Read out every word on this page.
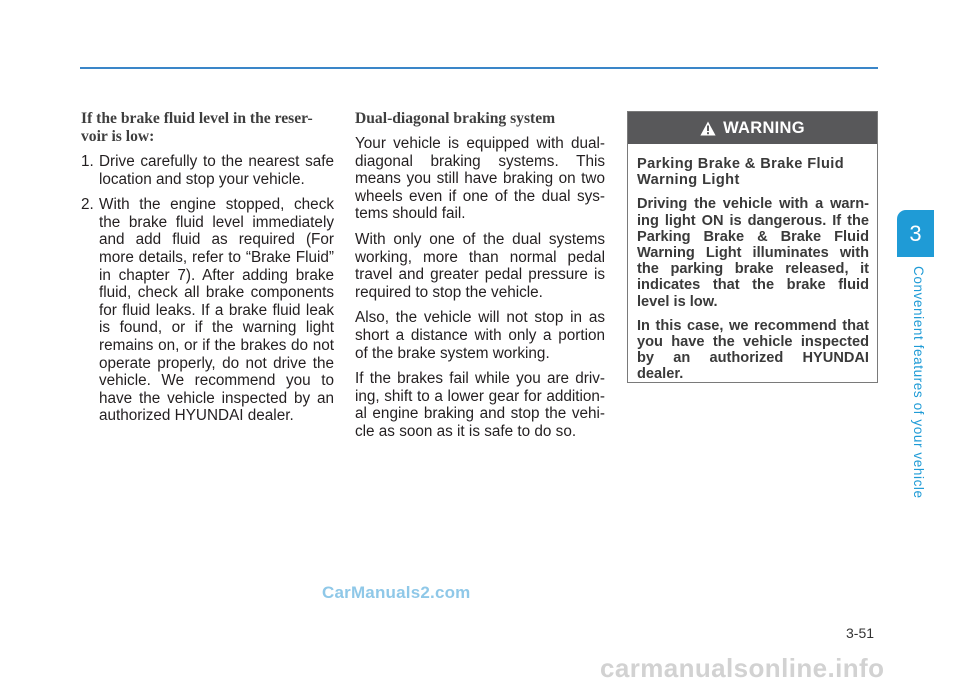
If the brake fluid level in the reser-voir is low:
1. Drive carefully to the nearest safe location and stop your vehicle.
2. With the engine stopped, check the brake fluid level immediately and add fluid as required (For more details, refer to “Brake Fluid” in chapter 7). After adding brake fluid, check all brake components for fluid leaks. If a brake fluid leak is found, or if the warning light remains on, or if the brakes do not operate properly, do not drive the vehicle. We recommend you to have the vehicle inspected by an authorized HYUNDAI dealer.
Dual-diagonal braking system

Your vehicle is equipped with dual-diagonal braking systems. This means you still have braking on two wheels even if one of the dual sys-tems should fail.

With only one of the dual systems working, more than normal pedal travel and greater pedal pressure is required to stop the vehicle.

Also, the vehicle will not stop in as short a distance with only a portion of the brake system working.

If the brakes fail while you are driv-ing, shift to a lower gear for addition-al engine braking and stop the vehi-cle as soon as it is safe to do so.

WARNING

Parking Brake & Brake Fluid Warning Light

Driving the vehicle with a warn-ing light ON is dangerous. If the Parking Brake & Brake Fluid Warning Light illuminates with the parking brake released, it indicates that the brake fluid level is low.

In this case, we recommend that you have the vehicle inspected by an authorized HYUNDAI dealer.

3
Convenient features of your vehicle
3-51
CarManuals2.com
carmanualsonline.info
